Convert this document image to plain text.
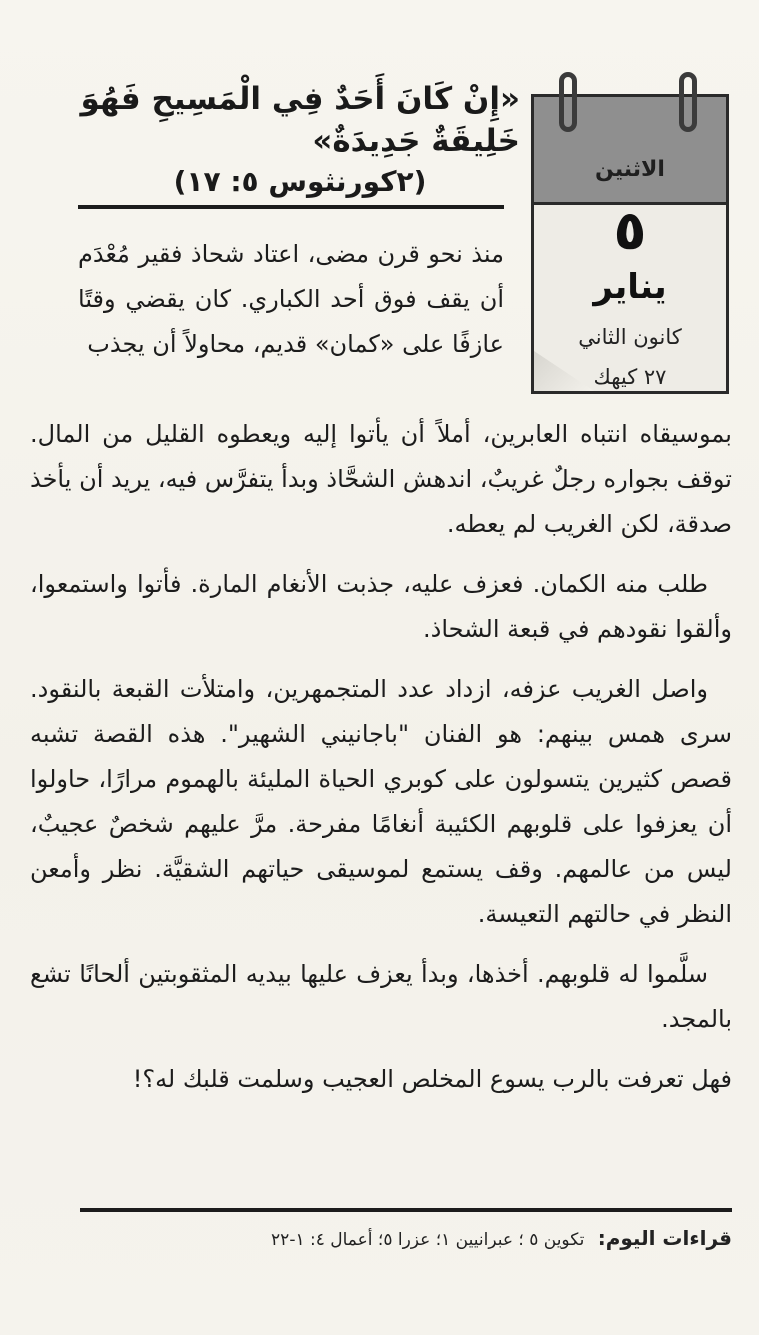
الاثنين
٥
يناير
كانون الثاني
٢٧ كيهك
«إِنْ كَانَ أَحَدٌ فِي الْمَسِيحِ فَهُوَ
خَلِيقَةٌ جَدِيدَةٌ»
(٢كورنثوس ٥: ١٧)
منذ نحو قرن مضى، اعتاد شحاذ فقير مُعْدَم أن يقف فوق أحد الكباري. كان يقضي وقتًا عازفًا على «كمان» قديم، محاولاً أن يجذب

بموسيقاه انتباه العابرين، أملاً أن يأتوا إليه ويعطوه القليل من المال. توقف بجواره رجلٌ غريبٌ، اندهش الشحَّاذ وبدأ يتفرَّس فيه، يريد أن يأخذ صدقة، لكن الغريب لم يعطه.

طلب منه الكمان. فعزف عليه، جذبت الأنغام المارة. فأتوا واستمعوا، وألقوا نقودهم في قبعة الشحاذ.

واصل الغريب عزفه، ازداد عدد المتجمهرين، وامتلأت القبعة بالنقود. سرى همس بينهم: هو الفنان "باجانيني الشهير". هذه القصة تشبه قصص كثيرين يتسولون على كوبري الحياة المليئة بالهموم مرارًا، حاولوا أن يعزفوا على قلوبهم الكئيبة أنغامًا مفرحة. مرَّ عليهم شخصٌ عجيبٌ، ليس من عالمهم. وقف يستمع لموسيقى حياتهم الشقيَّة. نظر وأمعن النظر في حالتهم التعيسة.

سلَّموا له قلوبهم. أخذها، وبدأ يعزف عليها بيديه المثقوبتين ألحانًا تشع بالمجد.

فهل تعرفت بالرب يسوع المخلص العجيب وسلمت قلبك له؟!

قراءات اليوم: تكوين ٥ ؛ عبرانيين ١؛ عزرا ٥؛ أعمال ٤: ١-٢٢
